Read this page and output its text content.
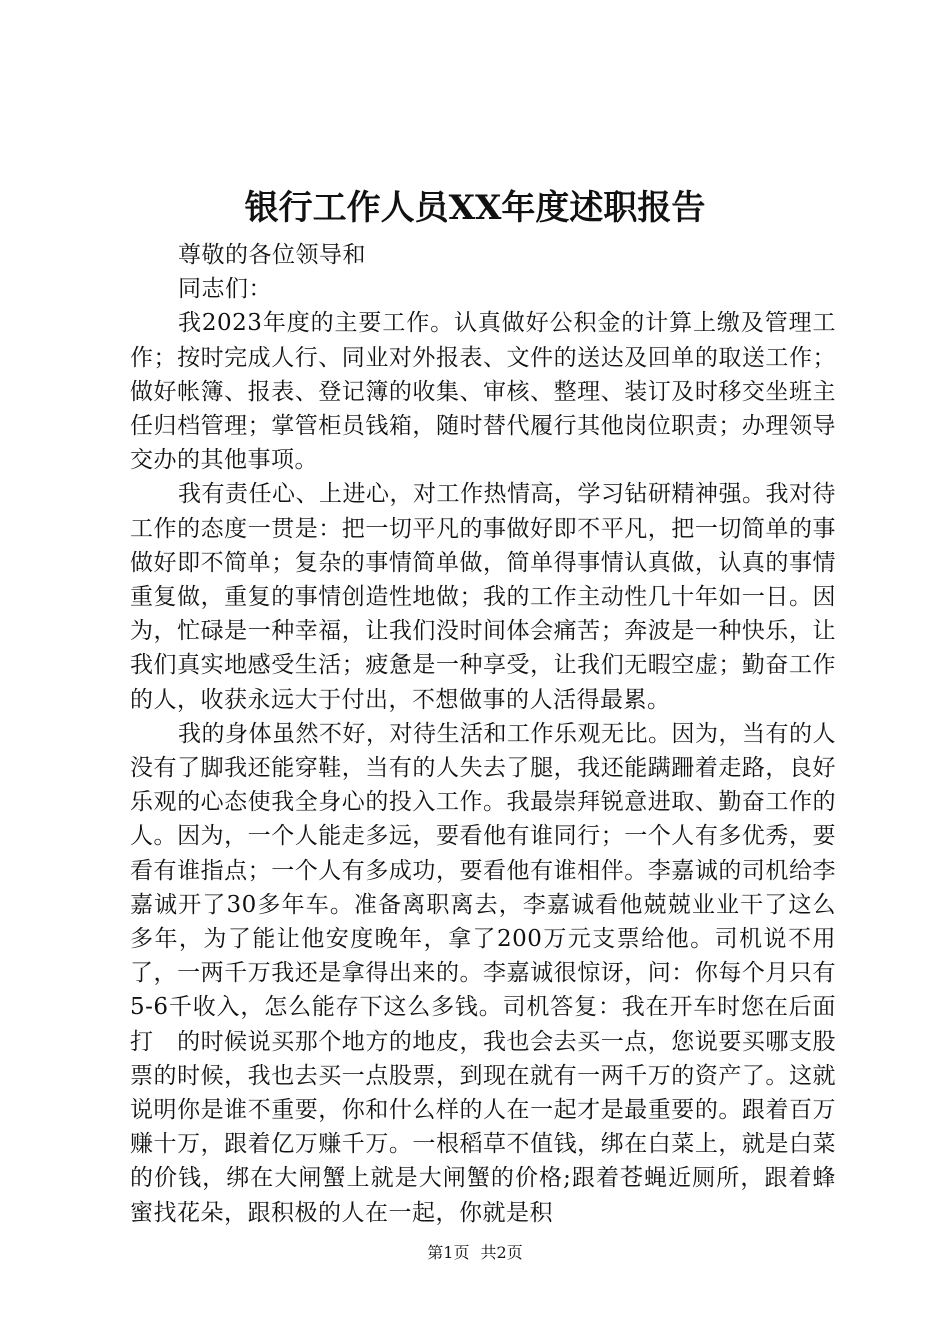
银行工作人员XX年度述职报告

尊敬的各位领导和

同志们：

我2023年度的主要工作。认真做好公积金的计算上缴及管理工作；按时完成人行、同业对外报表、文件的送达及回单的取送工作；做好帐簿、报表、登记簿的收集、审核、整理、装订及时移交坐班主任归档管理；掌管柜员钱箱，随时替代履行其他岗位职责；办理领导交办的其他事项。

我有责任心、上进心，对工作热情高，学习钻研精神强。我对待工作的态度一贯是：把一切平凡的事做好即不平凡，把一切简单的事做好即不简单；复杂的事情简单做，简单得事情认真做，认真的事情重复做，重复的事情创造性地做；我的工作主动性几十年如一日。因为，忙碌是一种幸福，让我们没时间体会痛苦；奔波是一种快乐，让我们真实地感受生活；疲惫是一种享受，让我们无暇空虚；勤奋工作的人，收获永远大于付出，不想做事的人活得最累。

我的身体虽然不好，对待生活和工作乐观无比。因为，当有的人没有了脚我还能穿鞋，当有的人失去了腿，我还能蹒跚着走路，良好乐观的心态使我全身心的投入工作。我最崇拜锐意进取、勤奋工作的人。因为，一个人能走多远，要看他有谁同行；一个人有多优秀，要看有谁指点；一个人有多成功，要看他有谁相伴。李嘉诚的司机给李嘉诚开了30多年车。准备离职离去，李嘉诚看他兢兢业业干了这么多年，为了能让他安度晚年，拿了200万元支票给他。司机说不用了，一两千万我还是拿得出来的。李嘉诚很惊讶，问：你每个月只有5-6千收入，怎么能存下这么多钱。司机答复：我在开车时您在后面打　的时候说买那个地方的地皮，我也会去买一点，您说要买哪支股票的时候，我也去买一点股票，到现在就有一两千万的资产了。这就说明你是谁不重要，你和什么样的人在一起才是最重要的。跟着百万赚十万，跟着亿万赚千万。一根稻草不值钱，绑在白菜上，就是白菜的价钱，绑在大闸蟹上就是大闸蟹的价格;跟着苍蝇近厕所，跟着蜂蜜找花朵，跟积极的人在一起，你就是积

第1页 共2页
